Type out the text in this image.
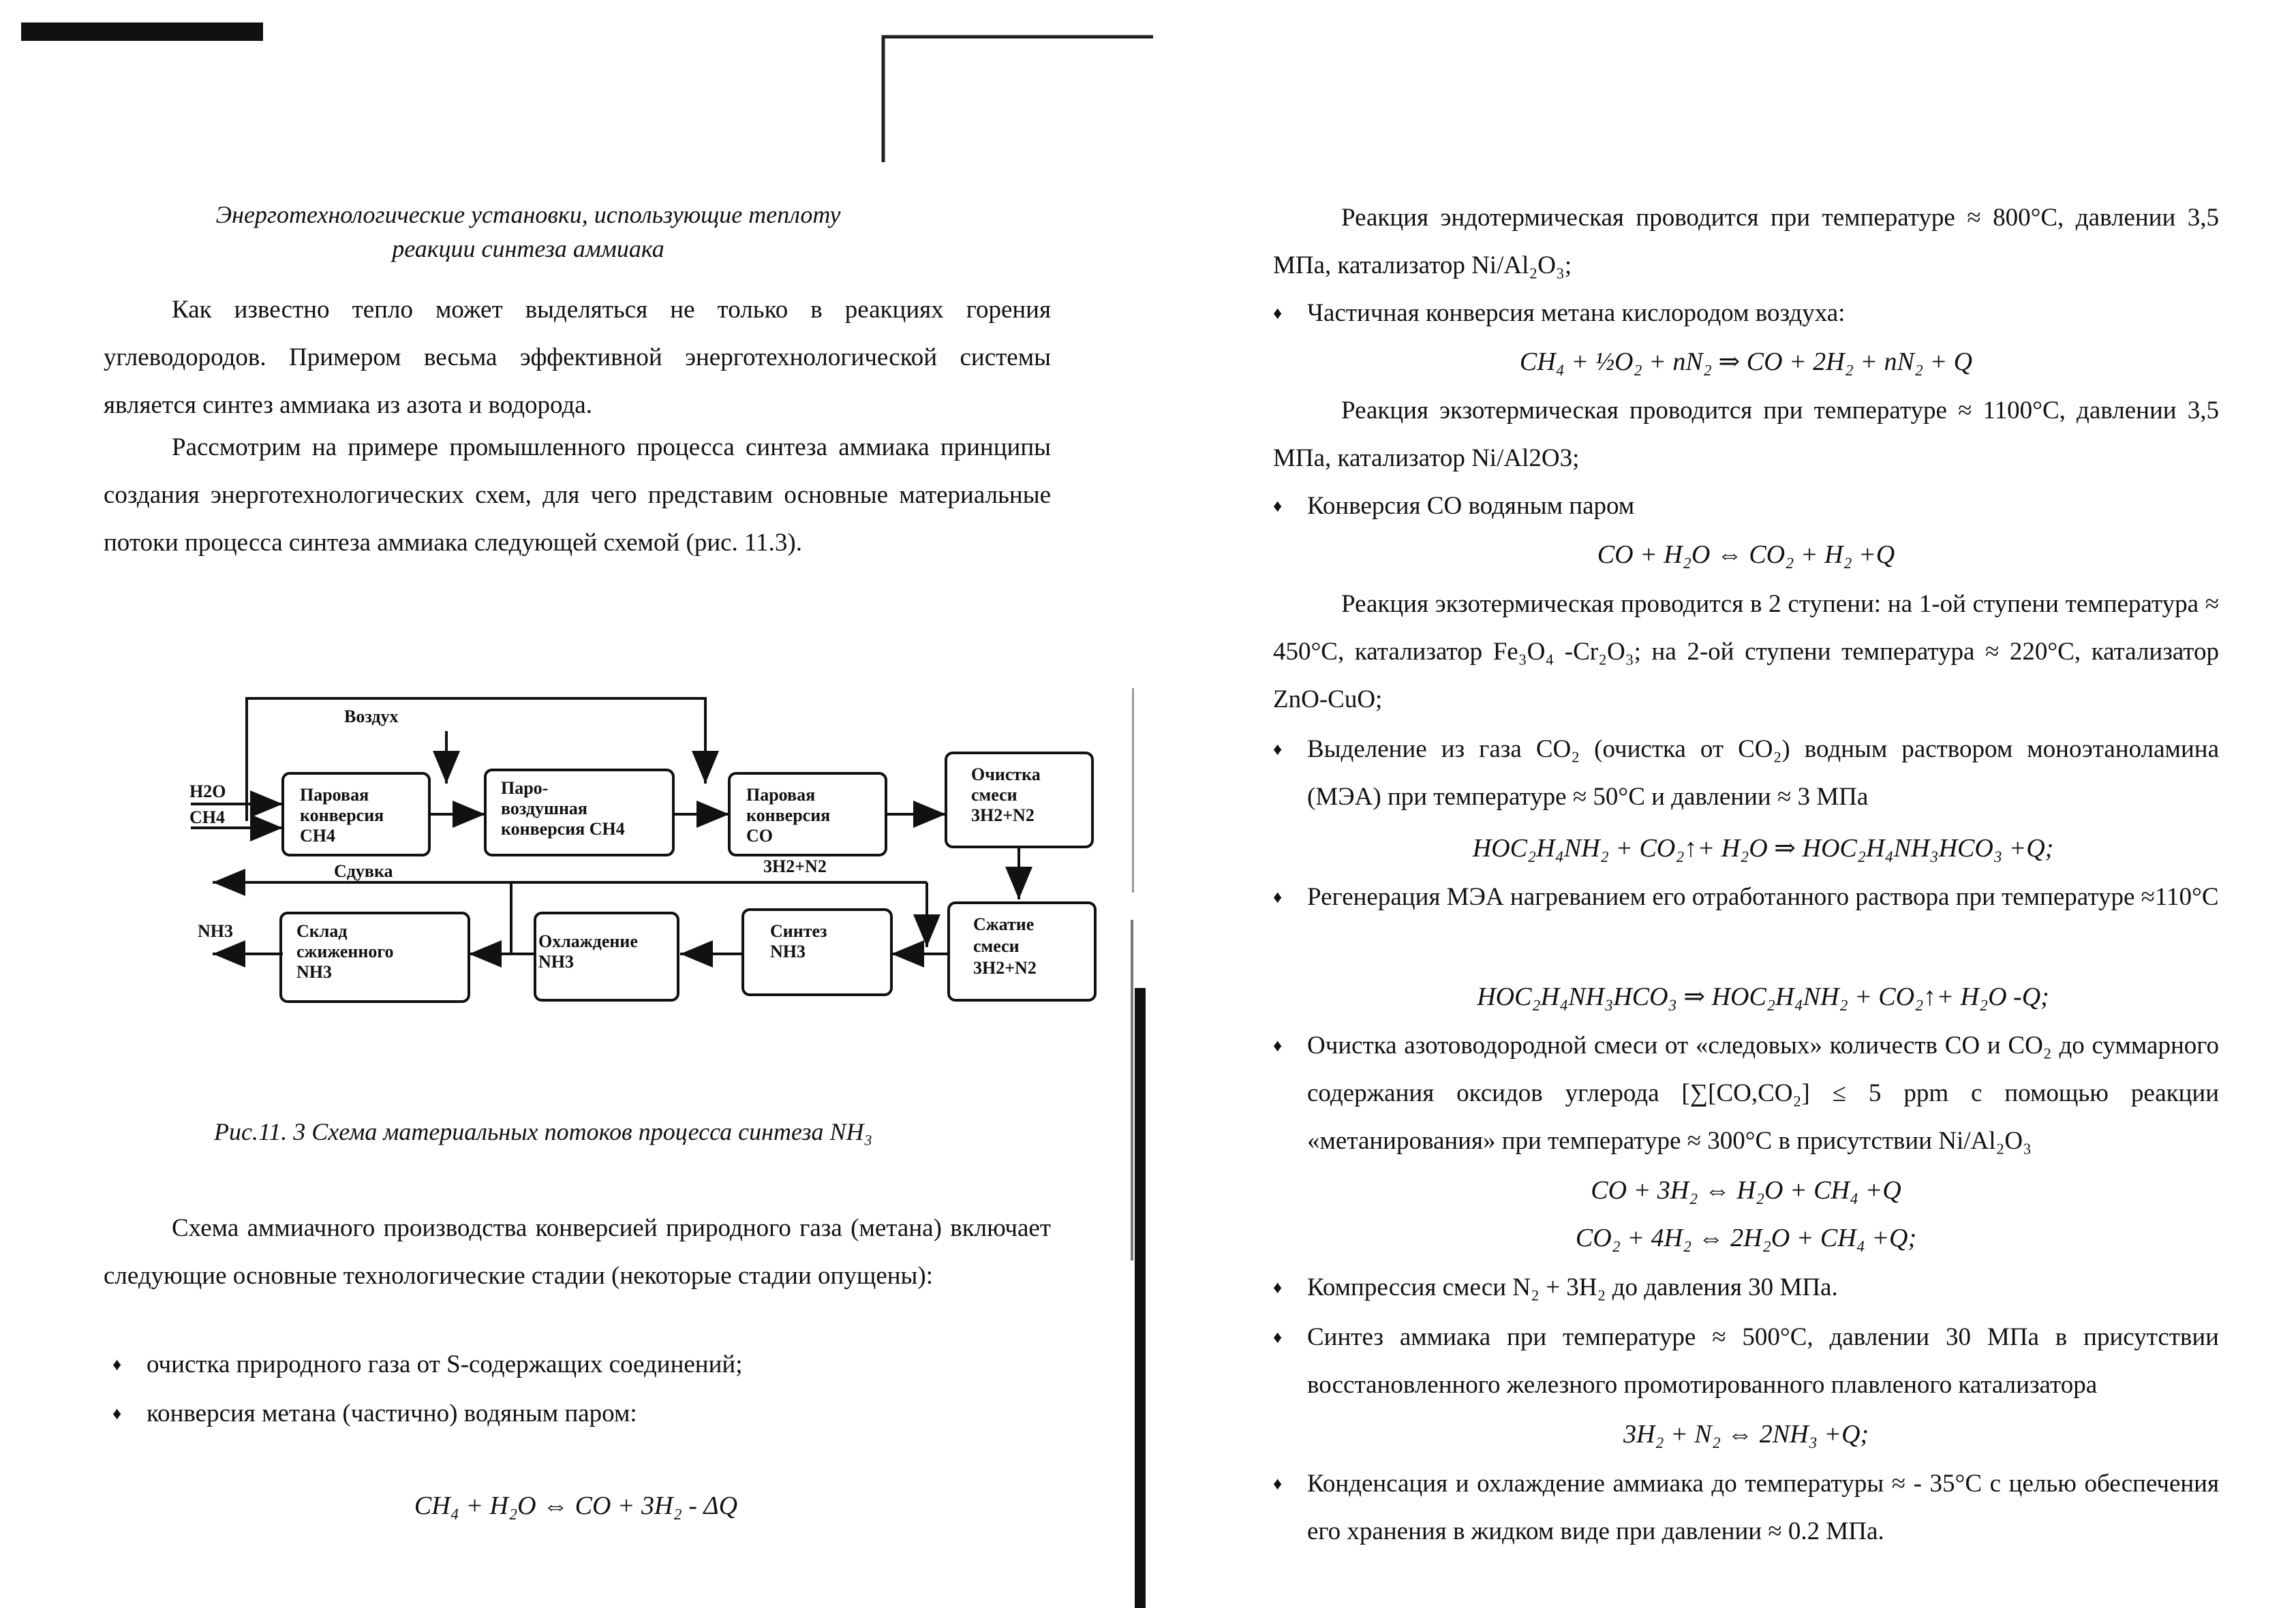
Энерготехнологические установки, использующие теплоту
реакции синтеза аммиака
Как известно тепло может выделяться не только в реакциях горения углеводородов. Примером весьма эффективной энерготехнологической системы является синтез аммиака из азота и водорода.
Рассмотрим на примере промышленного процесса синтеза аммиака принципы создания энерготехнологических схем, для чего представим основные материальные потоки процесса синтеза аммиака следующей схемой (рис. 11.3).
Воздух
H2O
CH4
Паровая
конверсия
CH4
Паро-
воздушная
конверсия CH4
Паровая
конверсия
CO
Очистка
смеси
3H2+N2
Сдувка	3H2+N2
NH3	Склад
сжиженного
NH3
Охлаждение
NH3
Синтез
NH3
Сжатие
смеси
3H2+N2
Рис.11. 3 Схема материальных потоков процесса синтеза NH₃
Схема аммиачного производства конверсией природного газа (метана) включает следующие основные технологические стадии (некоторые стадии опущены):
♦ очистка природного газа от S-содержащих соединений;
♦ конверсия метана (частично) водяным паром:
CH₄ + H₂O ⇔ CO + 3H₂ - ΔQ
Реакция эндотермическая проводится при температуре ≈ 800°C, давлении 3,5 МПа, катализатор Ni/Al₂O₃;
♦ Частичная конверсия метана кислородом воздуха:
CH₄ + ½O₂ + nN₂ ⇒ CO + 2H₂ + nN₂ + Q
Реакция экзотермическая проводится при температуре ≈ 1100°C, давлении 3,5 МПа, катализатор Ni/Al2O3;
♦ Конверсия CO водяным паром
CO + H₂O ⇔ CO₂ + H₂ +Q
Реакция экзотермическая проводится в 2 ступени: на 1-ой ступени температура ≈ 450°C, катализатор Fe₃O₄ -Cr₂O₃; на 2-ой ступени температура ≈ 220°C, катализатор ZnO-CuO;
♦ Выделение из газа CO₂ (очистка от CO₂) водным раствором моноэтаноламина (МЭА) при температуре ≈ 50°C и давлении ≈ 3 МПа
HOC₂H₄NH₂ + CO₂↑+ H₂O ⇒ HOC₂H₄NH₃HCO₃ +Q;
♦ Регенерация МЭА нагреванием его отработанного раствора при температуре ≈110°C
HOC₂H₄NH₃HCO₃ ⇒ HOC₂H₄NH₂ + CO₂↑+ H₂O -Q;
♦ Очистка азотоводородной смеси от «следовых» количеств CO и CO₂ до суммарного содержания оксидов углерода [∑[CO,CO₂] ≤ 5 ppm с помощью реакции «метанирования» при температуре ≈ 300°C в присутствии Ni/Al₂O₃
CO + 3H₂ ⇔ H₂O + CH₄ +Q
CO₂ + 4H₂ ⇔ 2H₂O + CH₄ +Q;
♦ Компрессия смеси N₂ + 3H₂ до давления 30 МПа.
♦ Синтез аммиака при температуре ≈ 500°C, давлении 30 МПа в присутствии восстановленного железного промотированного плавленого катализатора
3H₂ + N₂ ⇔ 2NH₃ +Q;
♦ Конденсация и охлаждение аммиака до температуры ≈ - 35°C с целью обеспечения его хранения в жидком виде при давлении ≈ 0.2 МПа.
